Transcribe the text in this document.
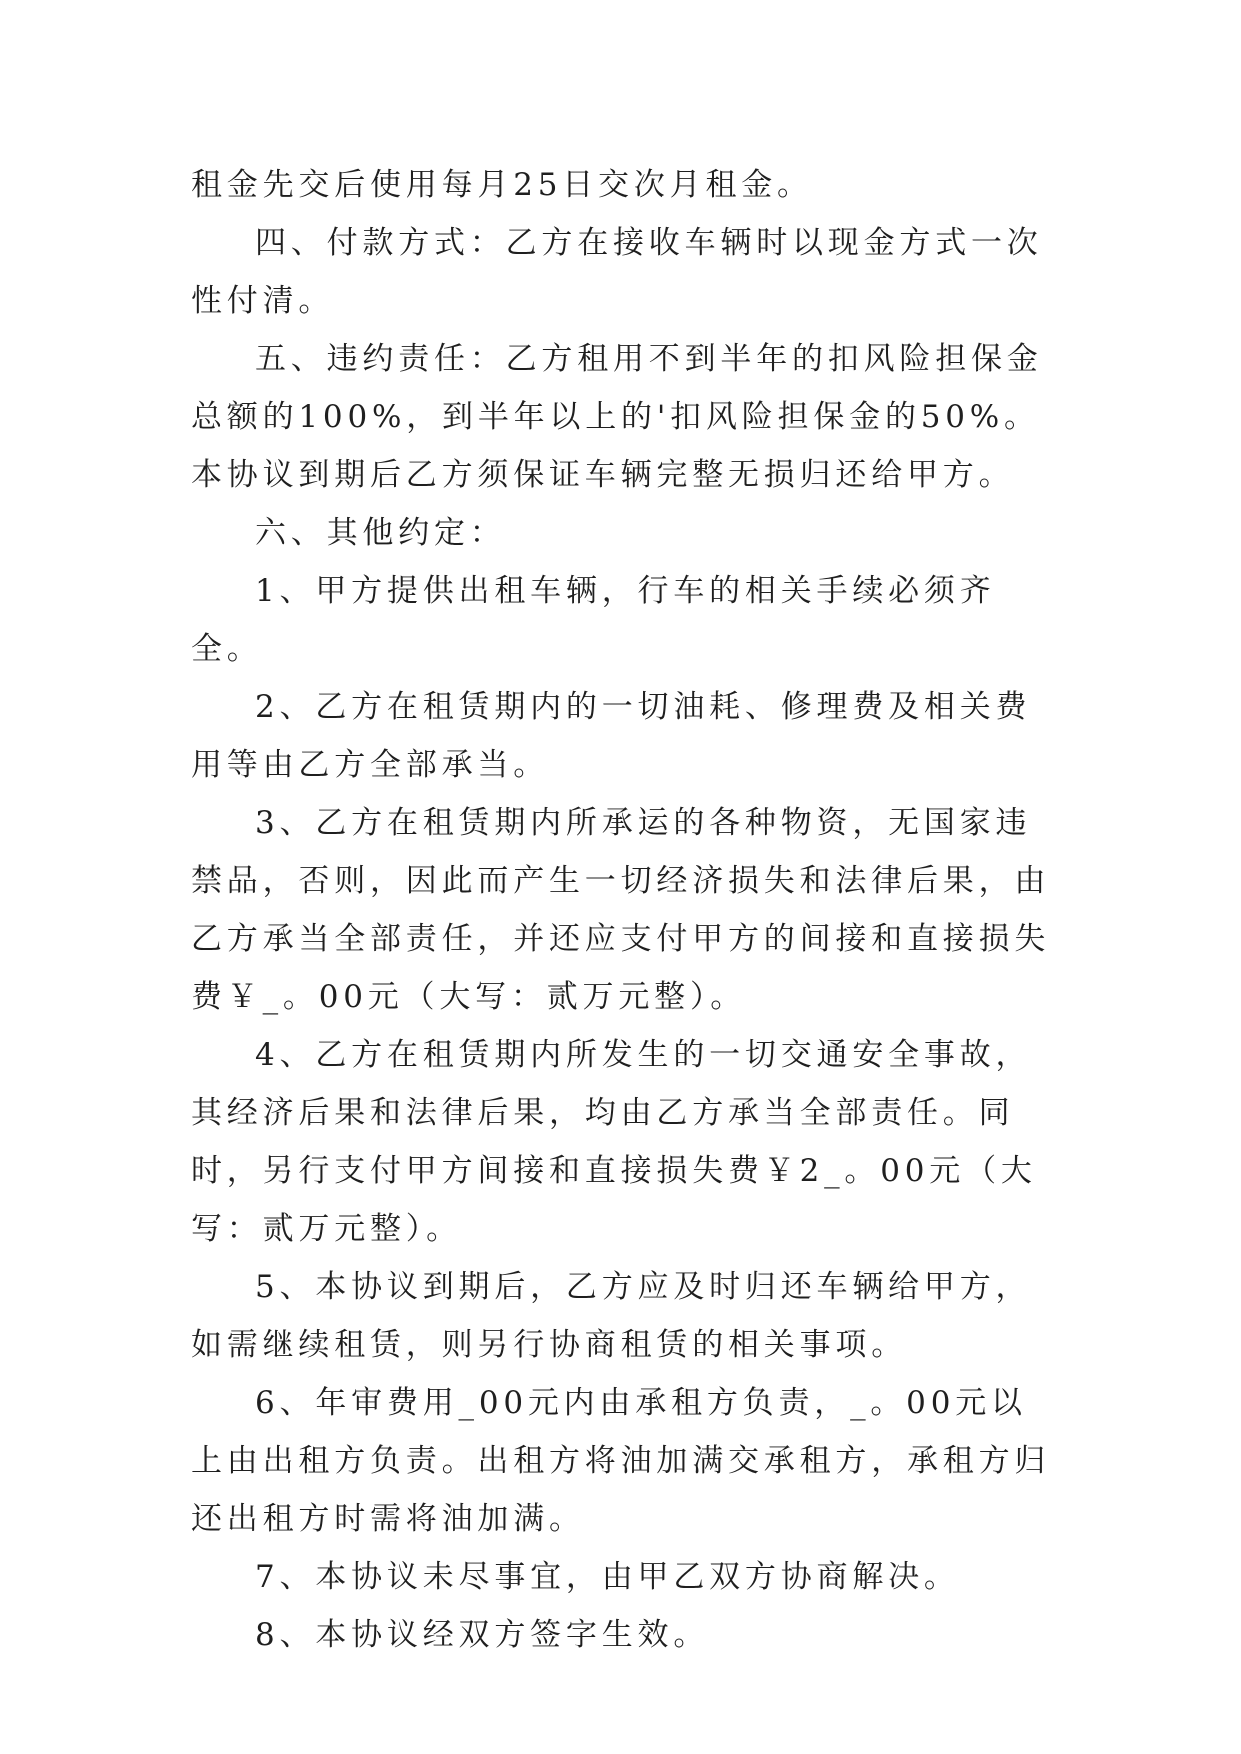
租金先交后使用每月25日交次月租金。

四、付款方式：乙方在接收车辆时以现金方式一次性付清。

五、违约责任：乙方租用不到半年的扣风险担保金总额的100%，到半年以上的'扣风险担保金的50%。本协议到期后乙方须保证车辆完整无损归还给甲方。

六、其他约定：

1、甲方提供出租车辆，行车的相关手续必须齐全。

2、乙方在租赁期内的一切油耗、修理费及相关费用等由乙方全部承当。

3、乙方在租赁期内所承运的各种物资，无国家违禁品，否则，因此而产生一切经济损失和法律后果，由乙方承当全部责任，并还应支付甲方的间接和直接损失费￥_。00元（大写：贰万元整）。

4、乙方在租赁期内所发生的一切交通安全事故，其经济后果和法律后果，均由乙方承当全部责任。同时，另行支付甲方间接和直接损失费￥2_。00元（大写：贰万元整）。

5、本协议到期后，乙方应及时归还车辆给甲方，如需继续租赁，则另行协商租赁的相关事项。

6、年审费用_00元内由承租方负责，_。00元以上由出租方负责。出租方将油加满交承租方，承租方归还出租方时需将油加满。

7、本协议未尽事宜，由甲乙双方协商解决。

8、本协议经双方签字生效。
